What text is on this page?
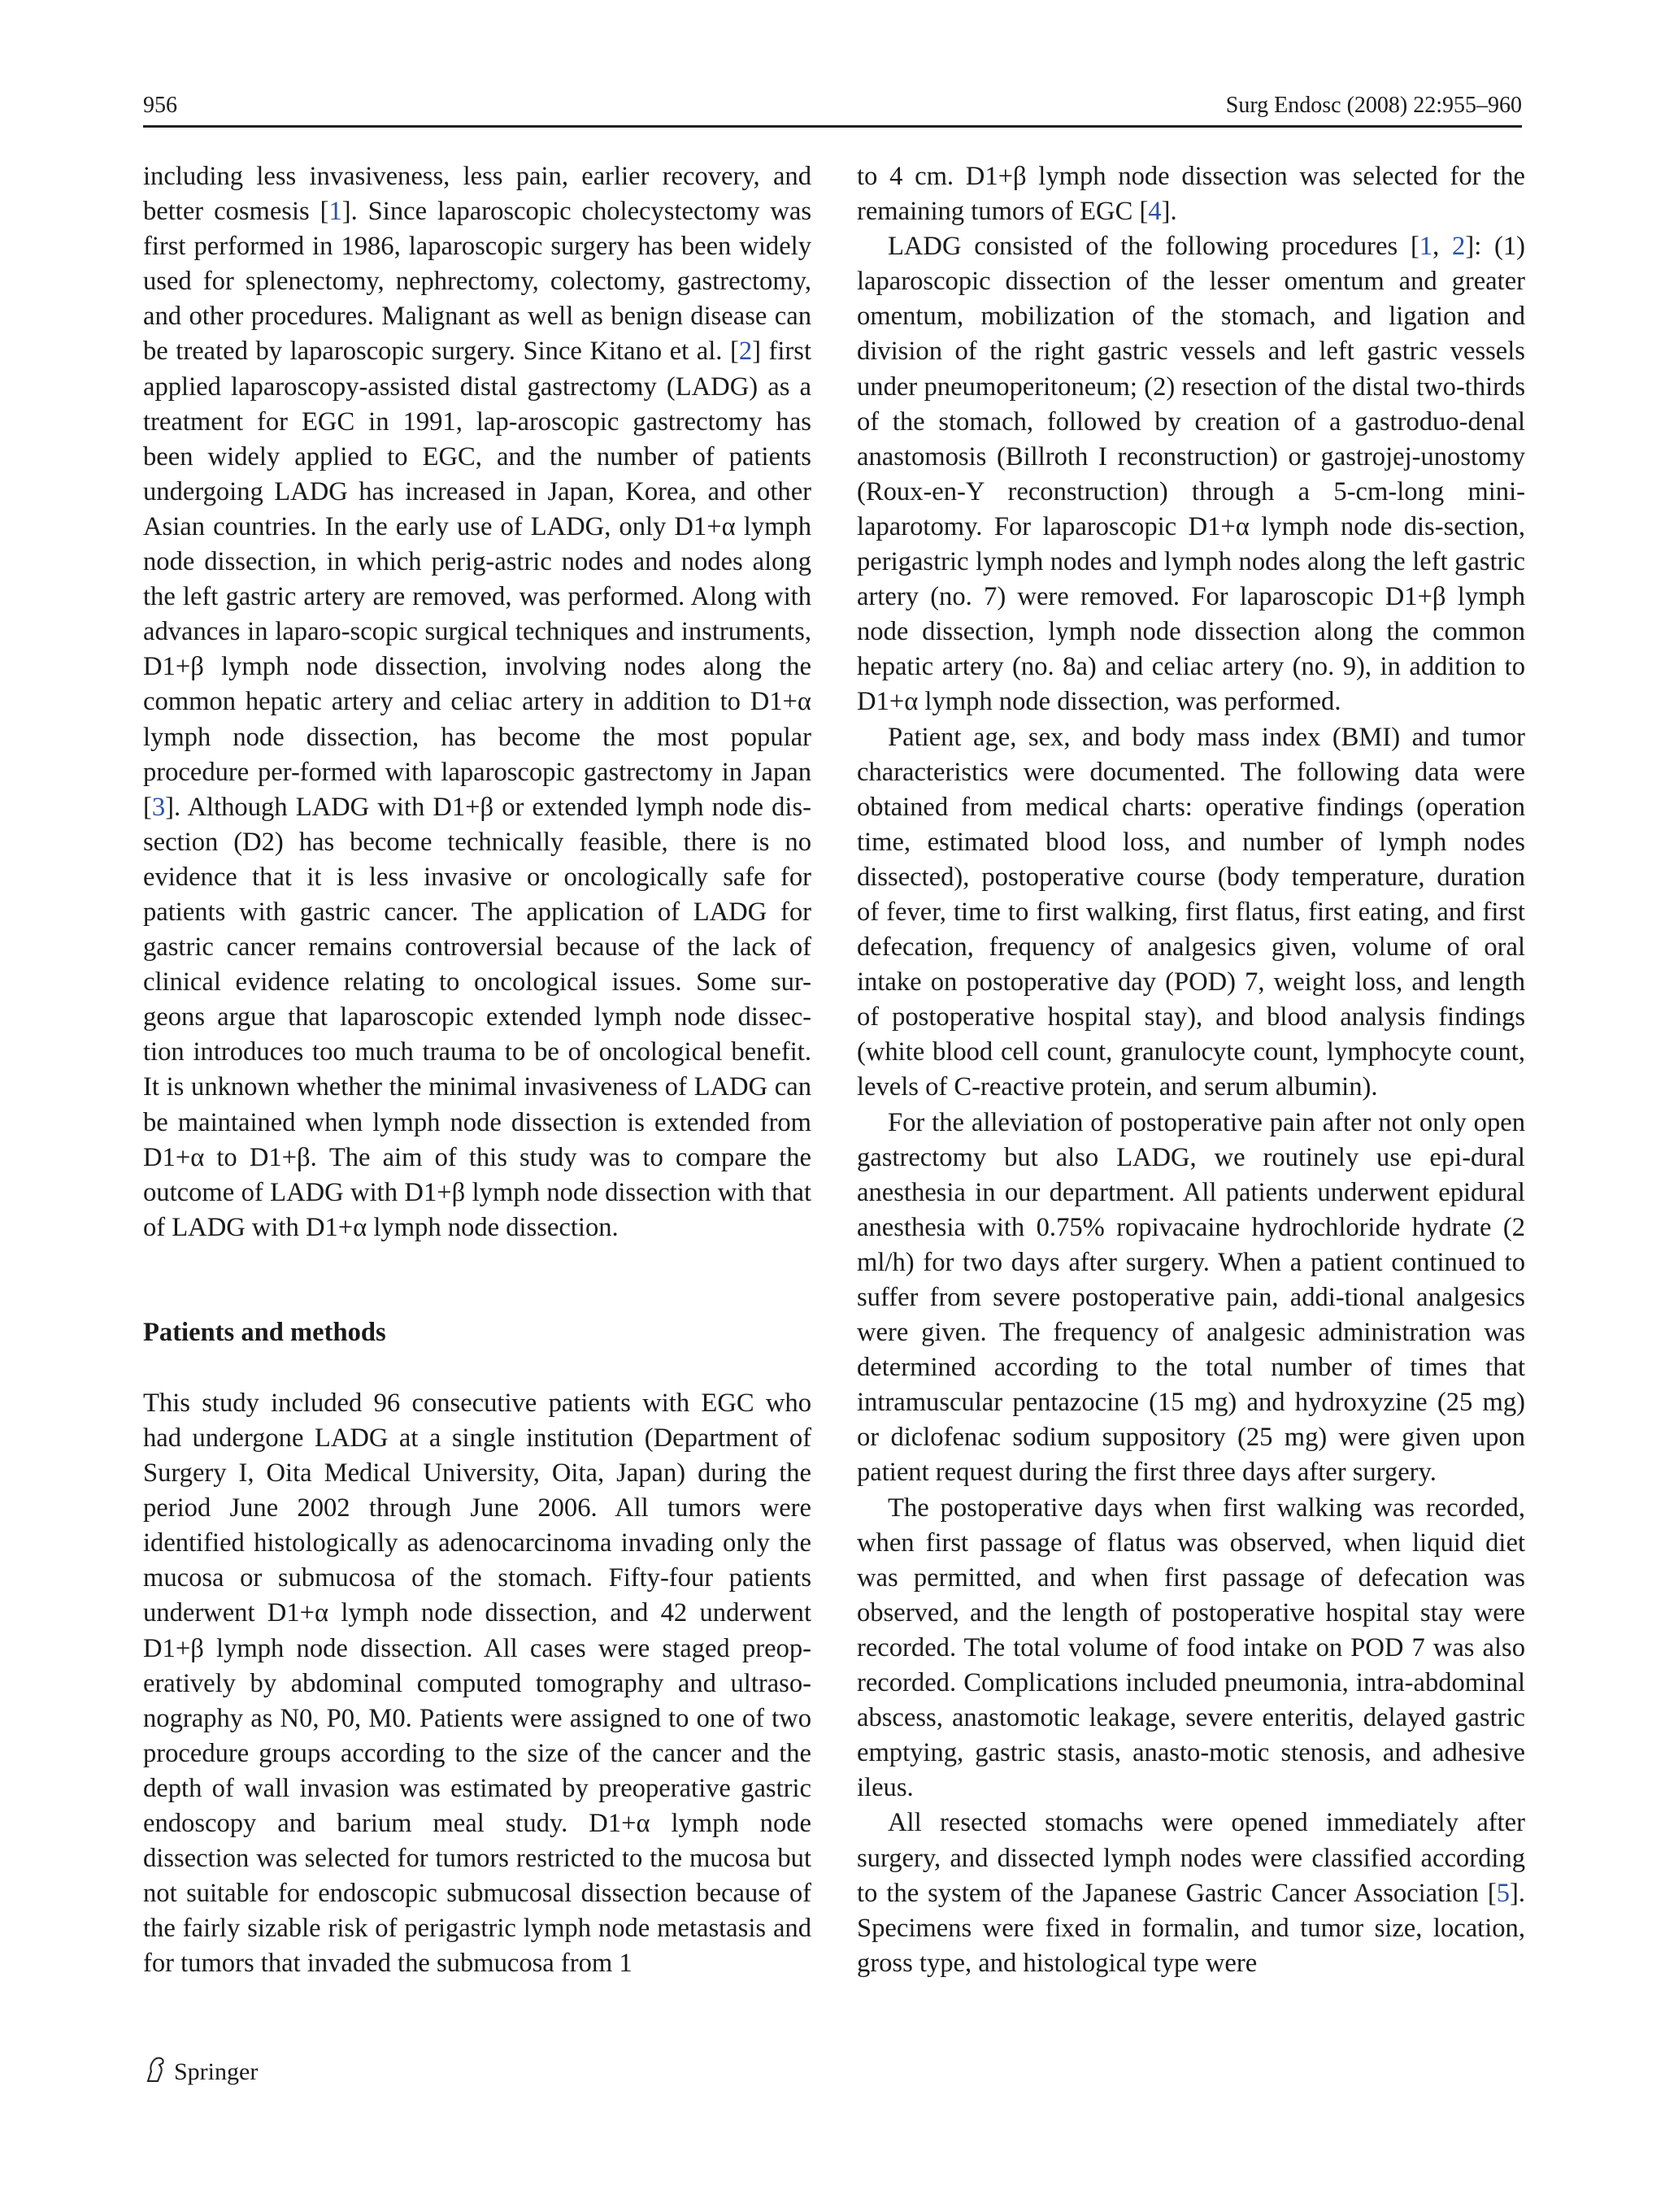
956	Surg Endosc (2008) 22:955–960

including less invasiveness, less pain, earlier recovery, and better cosmesis [1]. Since laparoscopic cholecystectomy was first performed in 1986, laparoscopic surgery has been widely used for splenectomy, nephrectomy, colectomy, gastrectomy, and other procedures. Malignant as well as benign disease can be treated by laparoscopic surgery. Since Kitano et al. [2] first applied laparoscopy-assisted distal gastrectomy (LADG) as a treatment for EGC in 1991, lap-aroscopic gastrectomy has been widely applied to EGC, and the number of patients undergoing LADG has increased in Japan, Korea, and other Asian countries. In the early use of LADG, only D1+α lymph node dissection, in which perig-astric nodes and nodes along the left gastric artery are removed, was performed. Along with advances in laparo-scopic surgical techniques and instruments, D1+β lymph node dissection, involving nodes along the common hepatic artery and celiac artery in addition to D1+α lymph node dissection, has become the most popular procedure per-formed with laparoscopic gastrectomy in Japan [3]. Although LADG with D1+β or extended lymph node dis-section (D2) has become technically feasible, there is no evidence that it is less invasive or oncologically safe for patients with gastric cancer. The application of LADG for gastric cancer remains controversial because of the lack of clinical evidence relating to oncological issues. Some sur-geons argue that laparoscopic extended lymph node dissec-tion introduces too much trauma to be of oncological benefit. It is unknown whether the minimal invasiveness of LADG can be maintained when lymph node dissection is extended from D1+α to D1+β. The aim of this study was to compare the outcome of LADG with D1+β lymph node dissection with that of LADG with D1+α lymph node dissection.

Patients and methods

This study included 96 consecutive patients with EGC who had undergone LADG at a single institution (Department of Surgery I, Oita Medical University, Oita, Japan) during the period June 2002 through June 2006. All tumors were identified histologically as adenocarcinoma invading only the mucosa or submucosa of the stomach. Fifty-four patients underwent D1+α lymph node dissection, and 42 underwent D1+β lymph node dissection. All cases were staged preop-eratively by abdominal computed tomography and ultraso-nography as N0, P0, M0. Patients were assigned to one of two procedure groups according to the size of the cancer and the depth of wall invasion was estimated by preoperative gastric endoscopy and barium meal study. D1+α lymph node dissection was selected for tumors restricted to the mucosa but not suitable for endoscopic submucosal dissection because of the fairly sizable risk of perigastric lymph node metastasis and for tumors that invaded the submucosa from 1

to 4 cm. D1+β lymph node dissection was selected for the remaining tumors of EGC [4].

LADG consisted of the following procedures [1, 2]: (1) laparoscopic dissection of the lesser omentum and greater omentum, mobilization of the stomach, and ligation and division of the right gastric vessels and left gastric vessels under pneumoperitoneum; (2) resection of the distal two-thirds of the stomach, followed by creation of a gastroduo-denal anastomosis (Billroth I reconstruction) or gastrojej-unostomy (Roux-en-Y reconstruction) through a 5-cm-long mini-laparotomy. For laparoscopic D1+α lymph node dis-section, perigastric lymph nodes and lymph nodes along the left gastric artery (no. 7) were removed. For laparoscopic D1+β lymph node dissection, lymph node dissection along the common hepatic artery (no. 8a) and celiac artery (no. 9), in addition to D1+α lymph node dissection, was performed.

Patient age, sex, and body mass index (BMI) and tumor characteristics were documented. The following data were obtained from medical charts: operative findings (operation time, estimated blood loss, and number of lymph nodes dissected), postoperative course (body temperature, duration of fever, time to first walking, first flatus, first eating, and first defecation, frequency of analgesics given, volume of oral intake on postoperative day (POD) 7, weight loss, and length of postoperative hospital stay), and blood analysis findings (white blood cell count, granulocyte count, lymphocyte count, levels of C-reactive protein, and serum albumin).

For the alleviation of postoperative pain after not only open gastrectomy but also LADG, we routinely use epi-dural anesthesia in our department. All patients underwent epidural anesthesia with 0.75% ropivacaine hydrochloride hydrate (2 ml/h) for two days after surgery. When a patient continued to suffer from severe postoperative pain, addi-tional analgesics were given. The frequency of analgesic administration was determined according to the total number of times that intramuscular pentazocine (15 mg) and hydroxyzine (25 mg) or diclofenac sodium suppository (25 mg) were given upon patient request during the first three days after surgery.

The postoperative days when first walking was recorded, when first passage of flatus was observed, when liquid diet was permitted, and when first passage of defecation was observed, and the length of postoperative hospital stay were recorded. The total volume of food intake on POD 7 was also recorded. Complications included pneumonia, intra-abdominal abscess, anastomotic leakage, severe enteritis, delayed gastric emptying, gastric stasis, anasto-motic stenosis, and adhesive ileus.

All resected stomachs were opened immediately after surgery, and dissected lymph nodes were classified according to the system of the Japanese Gastric Cancer Association [5]. Specimens were fixed in formalin, and tumor size, location, gross type, and histological type were

Springer
